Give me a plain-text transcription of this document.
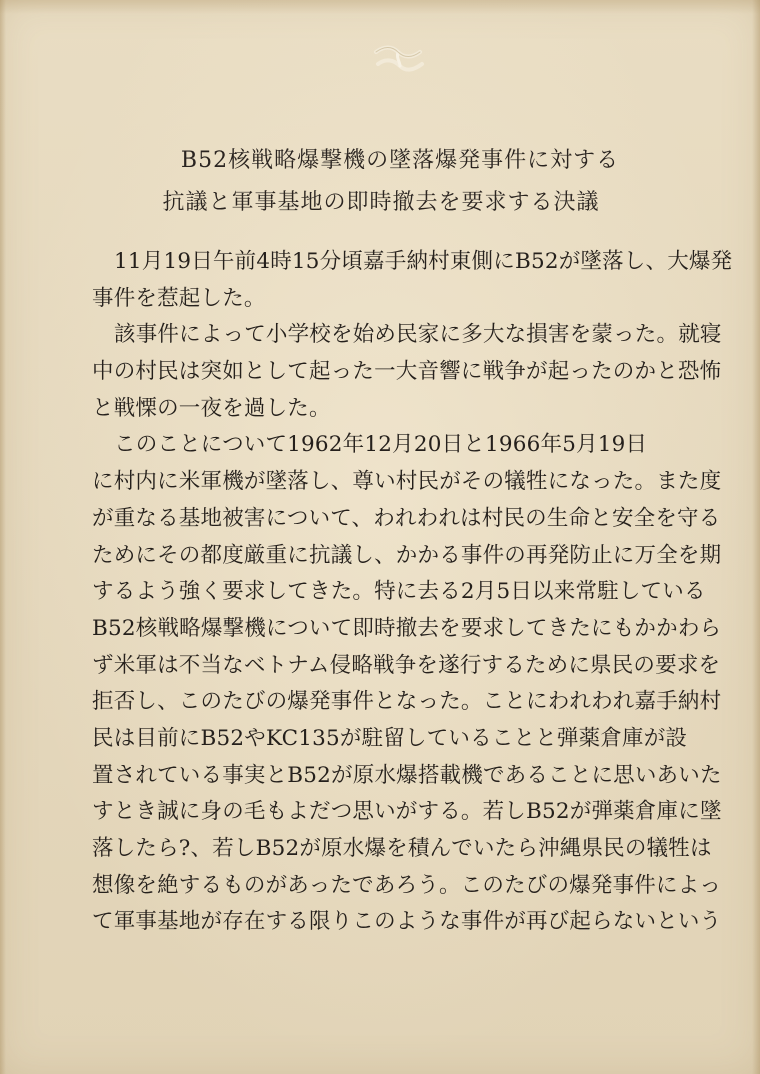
B52核戦略爆撃機の墜落爆発事件に対する
抗議と軍事基地の即時撤去を要求する決議
11月19日午前4時15分頃嘉手納村東側にB52が墜落し、大爆発
事件を惹起した。
該事件によって小学校を始め民家に多大な損害を蒙った。就寝
中の村民は突如として起った一大音響に戦争が起ったのかと恐怖
と戦慄の一夜を過した。
このことについて1962年12月20日と1966年5月19日
に村内に米軍機が墜落し、尊い村民がその犠牲になった。また度
が重なる基地被害について、われわれは村民の生命と安全を守る
ためにその都度厳重に抗議し、かかる事件の再発防止に万全を期
するよう強く要求してきた。特に去る2月5日以来常駐している
B52核戦略爆撃機について即時撤去を要求してきたにもかかわら
ず米軍は不当なベトナム侵略戦争を遂行するために県民の要求を
拒否し、このたびの爆発事件となった。ことにわれわれ嘉手納村
民は目前にB52やKC135が駐留していることと弾薬倉庫が設
置されている事実とB52が原水爆搭載機であることに思いあいた
すとき誠に身の毛もよだつ思いがする。若しB52が弾薬倉庫に墜
落したら?、若しB52が原水爆を積んでいたら沖縄県民の犠牲は
想像を絶するものがあったであろう。このたびの爆発事件によっ
て軍事基地が存在する限りこのような事件が再び起らないという
